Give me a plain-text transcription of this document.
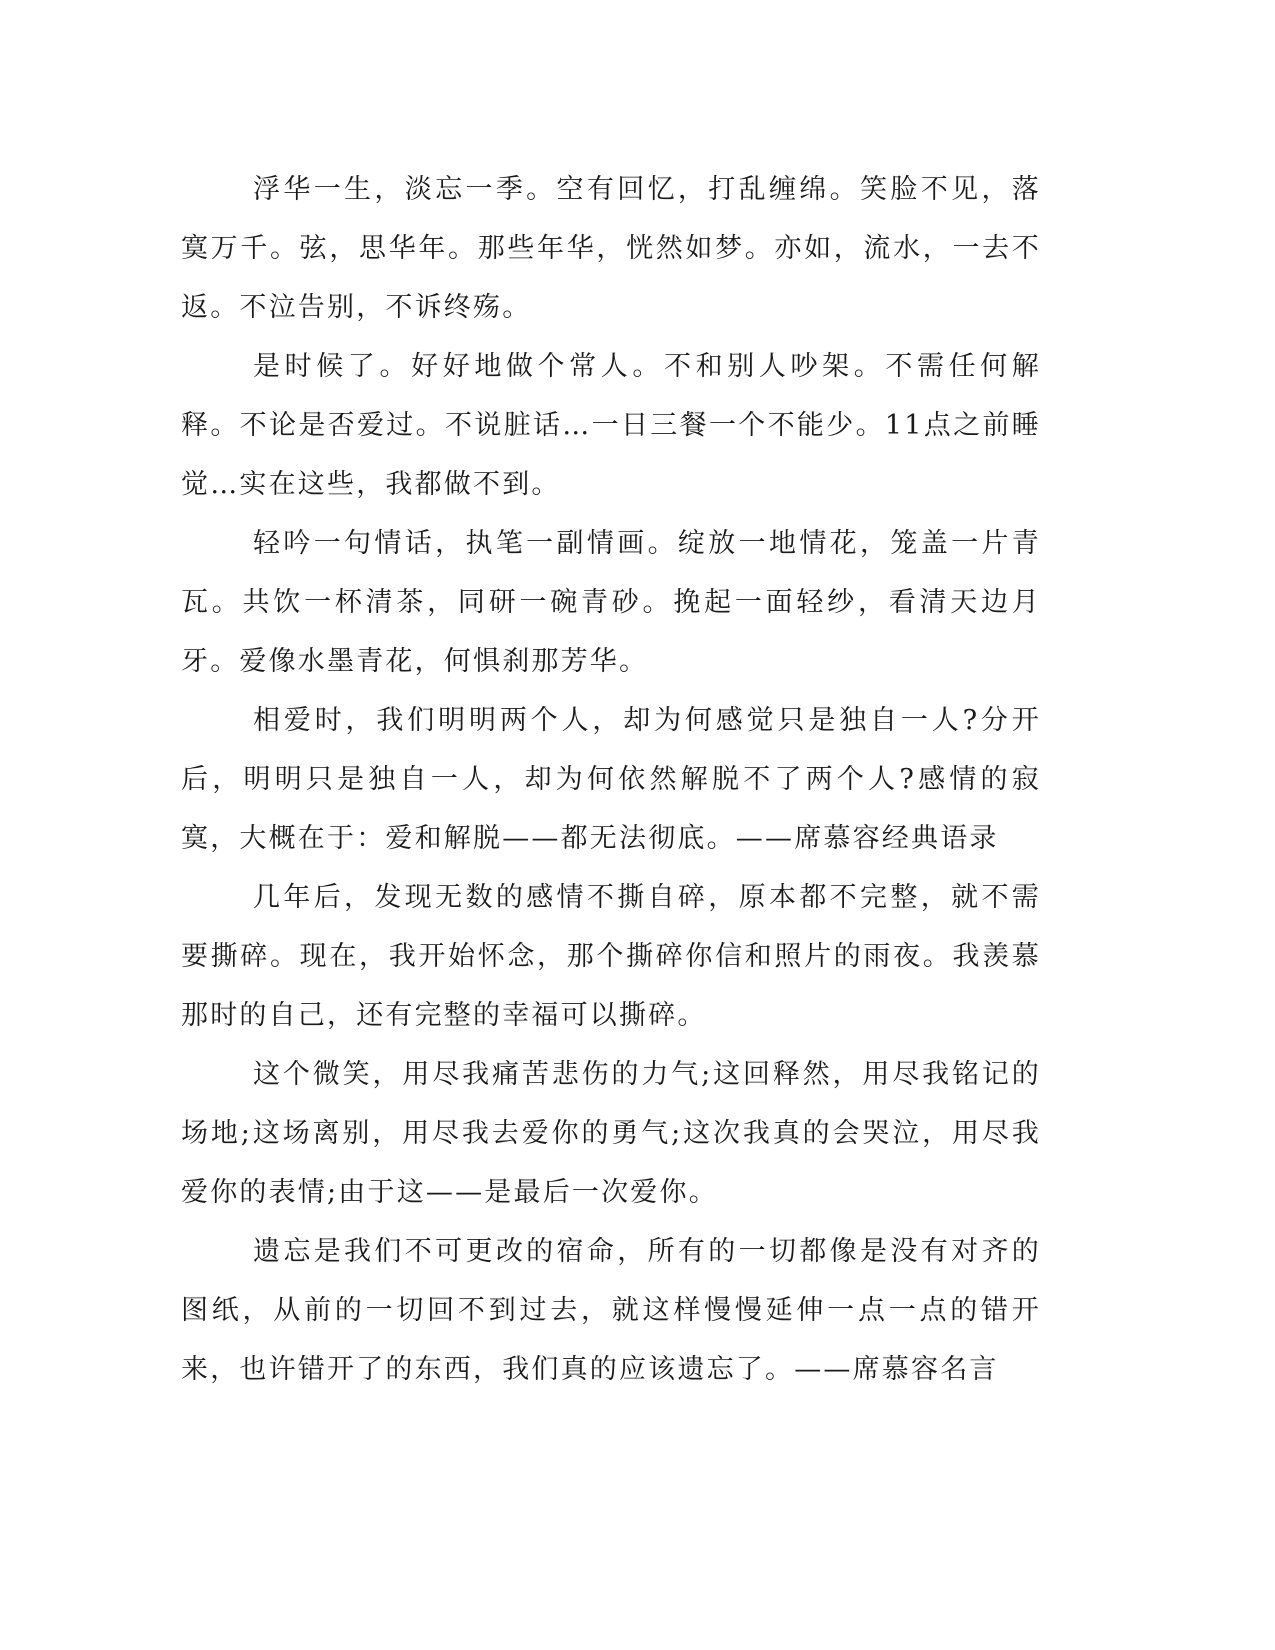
浮华一生，淡忘一季。空有回忆，打乱缠绵。笑脸不见，落寞万千。弦，思华年。那些年华，恍然如梦。亦如，流水，一去不返。不泣告别，不诉终殇。

是时候了。好好地做个常人。不和别人吵架。不需任何解释。不论是否爱过。不说脏话…一日三餐一个不能少。11点之前睡觉…实在这些，我都做不到。

轻吟一句情话，执笔一副情画。绽放一地情花，笼盖一片青瓦。共饮一杯清茶，同研一碗青砂。挽起一面轻纱，看清天边月牙。爱像水墨青花，何惧刹那芳华。

相爱时，我们明明两个人，却为何感觉只是独自一人?分开后，明明只是独自一人，却为何依然解脱不了两个人?感情的寂寞，大概在于：爱和解脱——都无法彻底。——席慕容经典语录

几年后，发现无数的感情不撕自碎，原本都不完整，就不需要撕碎。现在，我开始怀念，那个撕碎你信和照片的雨夜。我羡慕那时的自己，还有完整的幸福可以撕碎。

这个微笑，用尽我痛苦悲伤的力气;这回释然，用尽我铭记的场地;这场离别，用尽我去爱你的勇气;这次我真的会哭泣，用尽我爱你的表情;由于这——是最后一次爱你。

遗忘是我们不可更改的宿命，所有的一切都像是没有对齐的图纸，从前的一切回不到过去，就这样慢慢延伸一点一点的错开来，也许错开了的东西，我们真的应该遗忘了。——席慕容名言
